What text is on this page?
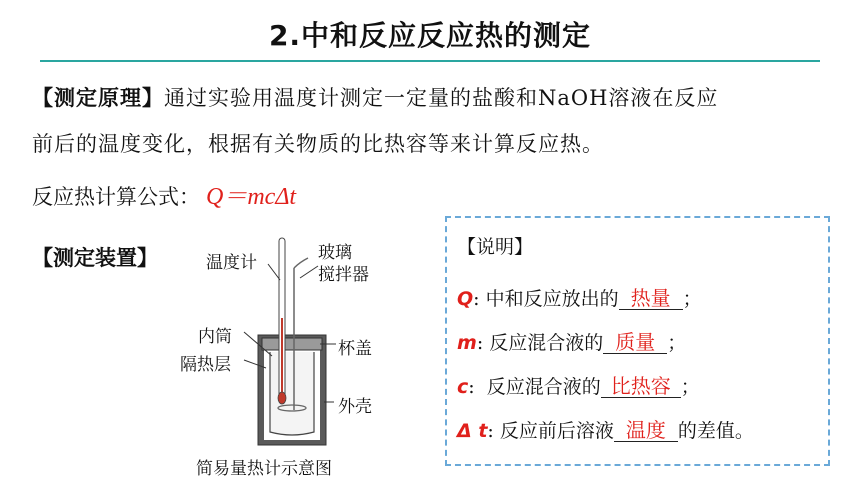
2.中和反应反应热的测定
【测定原理】通过实验用温度计测定一定量的盐酸和NaOH溶液在反应
前后的温度变化，根据有关物质的比热容等来计算反应热。
反应热计算公式： Q＝mcΔt
【测定装置】	温度计	玻璃
搅拌器
内筒
隔热层
杯盖
外壳
简易量热计示意图
【说明】
Q: 中和反应放出的 热量 ；
m: 反应混合液的 质量 ；
c:  反应混合液的 比热容 ；
Δ t: 反应前后溶液 温度 的差值。
